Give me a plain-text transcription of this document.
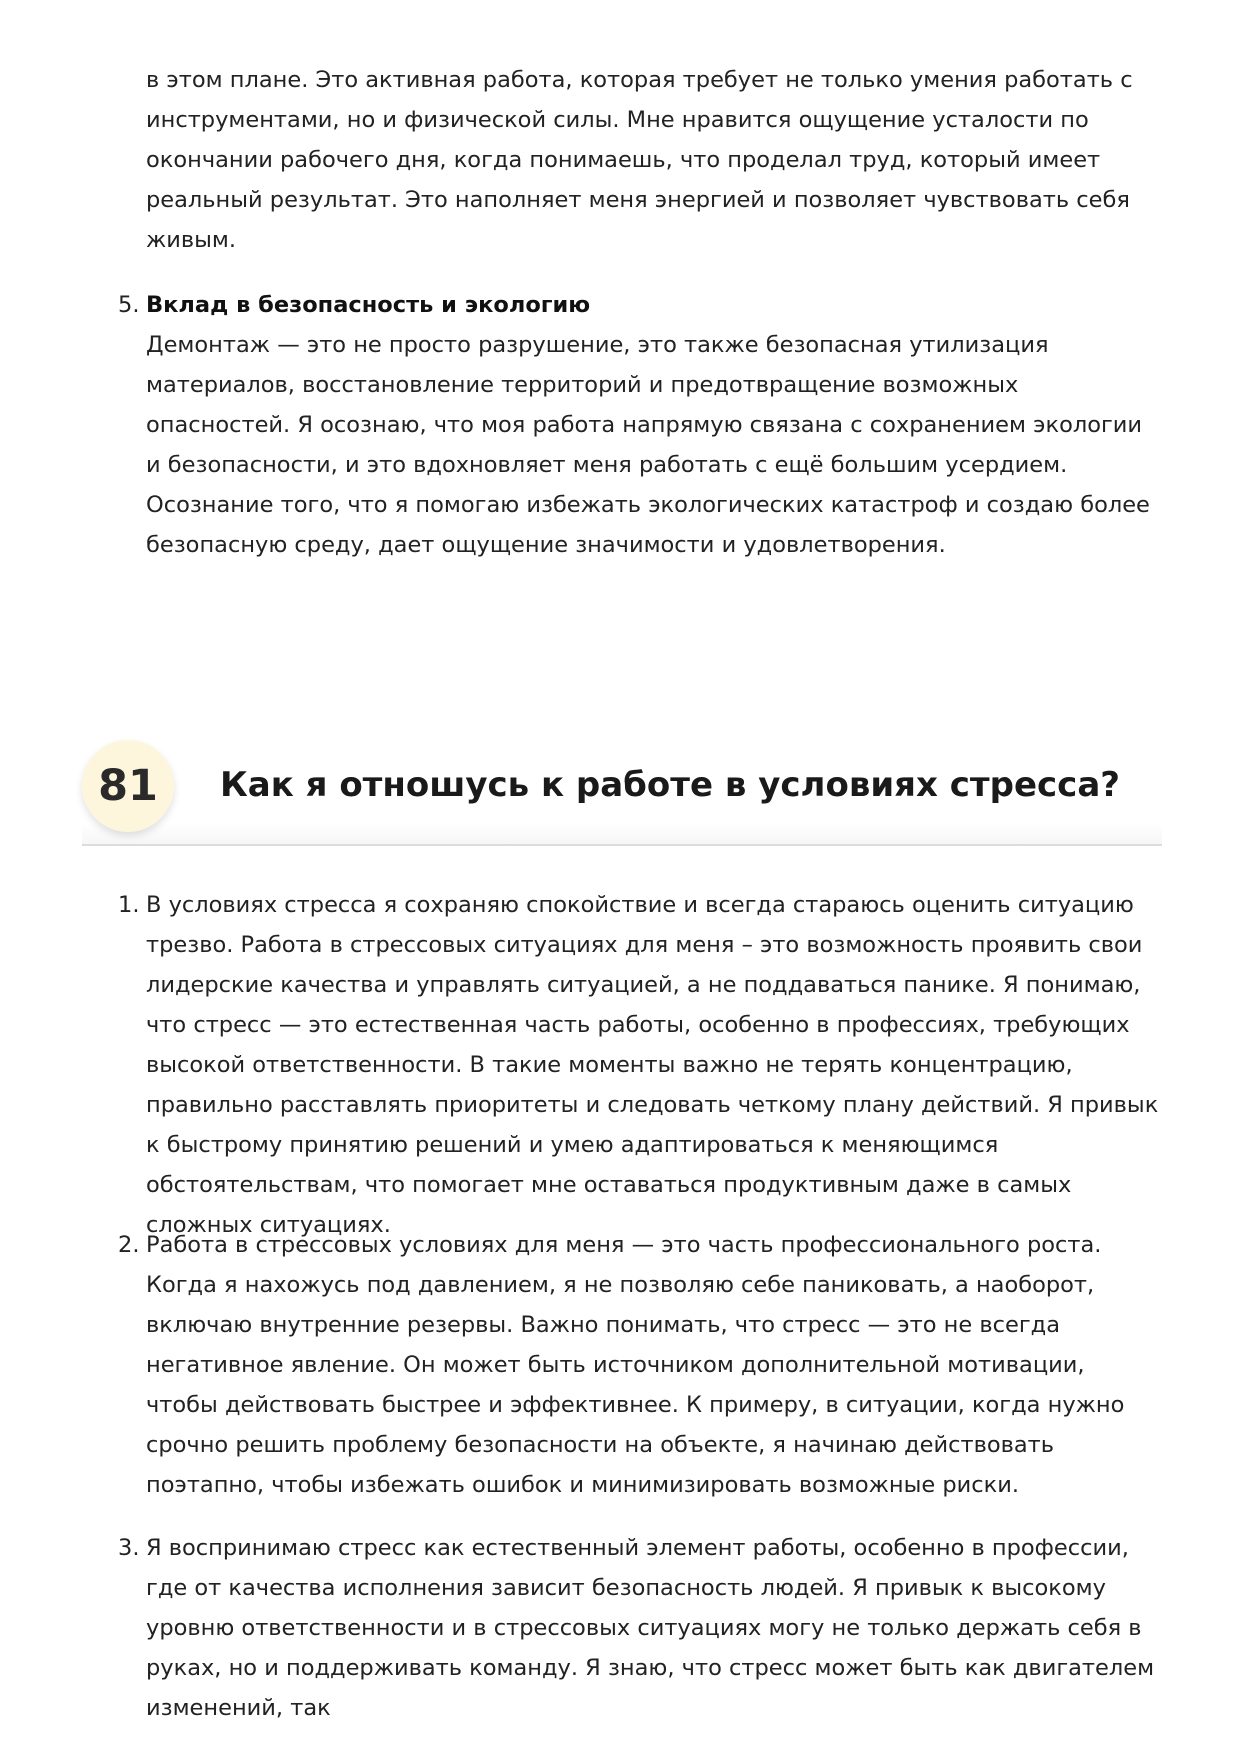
в этом плане. Это активная работа, которая требует не только умения работать с инструментами, но и физической силы. Мне нравится ощущение усталости по окончании рабочего дня, когда понимаешь, что проделал труд, который имеет реальный результат. Это наполняет меня энергией и позволяет чувствовать себя живым.

5. Вклад в безопасность и экологию
Демонтаж — это не просто разрушение, это также безопасная утилизация материалов, восстановление территорий и предотвращение возможных опасностей. Я осознаю, что моя работа напрямую связана с сохранением экологии и безопасности, и это вдохновляет меня работать с ещё большим усердием. Осознание того, что я помогаю избежать экологических катастроф и создаю более безопасную среду, дает ощущение значимости и удовлетворения.
81	Как я отношусь к работе в условиях стресса?
1. В условиях стресса я сохраняю спокойствие и всегда стараюсь оценить ситуацию трезво. Работа в стрессовых ситуациях для меня – это возможность проявить свои лидерские качества и управлять ситуацией, а не поддаваться панике. Я понимаю, что стресс — это естественная часть работы, особенно в профессиях, требующих высокой ответственности. В такие моменты важно не терять концентрацию, правильно расставлять приоритеты и следовать четкому плану действий. Я привык к быстрому принятию решений и умею адаптироваться к меняющимся обстоятельствам, что помогает мне оставаться продуктивным даже в самых сложных ситуациях.

2. Работа в стрессовых условиях для меня — это часть профессионального роста. Когда я нахожусь под давлением, я не позволяю себе паниковать, а наоборот, включаю внутренние резервы. Важно понимать, что стресс — это не всегда негативное явление. Он может быть источником дополнительной мотивации, чтобы действовать быстрее и эффективнее. К примеру, в ситуации, когда нужно срочно решить проблему безопасности на объекте, я начинаю действовать поэтапно, чтобы избежать ошибок и минимизировать возможные риски.

3. Я воспринимаю стресс как естественный элемент работы, особенно в профессии, где от качества исполнения зависит безопасность людей. Я привык к высокому уровню ответственности и в стрессовых ситуациях могу не только держать себя в руках, но и поддерживать команду. Я знаю, что стресс может быть как двигателем изменений, так
